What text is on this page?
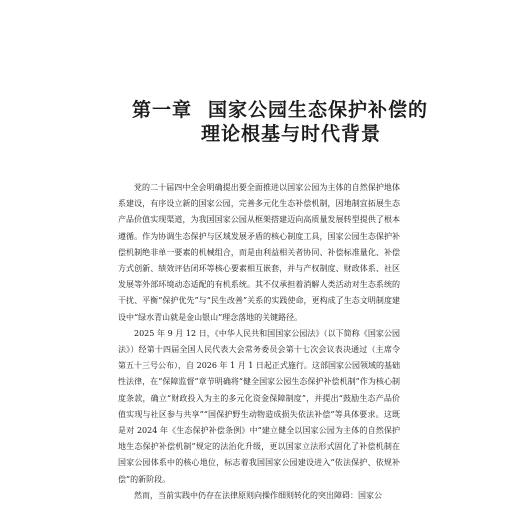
第一章 国家公园生态保护补偿的
理论根基与时代背景

党的二十届四中全会明确提出要全面推进以国家公园为主体的自然保护地体系建设，有序设立新的国家公园，完善多元化生态补偿机制，因地制宜拓展生态产品价值实现渠道，为我国国家公园从框架搭建迈向高质量发展转型提供了根本遵循。作为协调生态保护与区域发展矛盾的核心制度工具，国家公园生态保护补偿机制绝非单一要素的机械组合，而是由利益相关者协同、补偿标准量化、补偿方式创新、绩效评估闭环等核心要素相互嵌套，并与产权制度、财政体系、社区发展等外部环境动态适配的有机系统。其不仅承担着消解人类活动对生态系统的干扰、平衡“保护优先”与“民生改善”关系的实践使命，更构成了生态文明制度建设中“绿水青山就是金山银山”理念落地的关键路径。

2025 年 9 月 12 日，《中华人民共和国国家公园法》（以下简称《国家公园法》）经第十四届全国人民代表大会常务委员会第十七次会议表决通过（主席令第五十三号公布），自 2026 年 1 月 1 日起正式施行。这部国家公园领域的基础性法律，在“保障监督”章节明确将“健全国家公园生态保护补偿机制”作为核心制度条款，确立“财政投入为主的多元化资金保障制度”，并提出“鼓励生态产品价值实现与社区参与共享”“国保护野生动物造成损失依法补偿”等具体要求。这既是对 2024 年《生态保护补偿条例》中“建立健全以国家公园为主体的自然保护地生态保护补偿机制”规定的法治化升级，更以国家立法形式固化了补偿机制在国家公园体系中的核心地位，标志着我国国家公园建设进入“依法保护、依规补偿”的新阶段。

然而，当前实践中仍存在法律原则向操作细则转化的突出障碍：国家公
